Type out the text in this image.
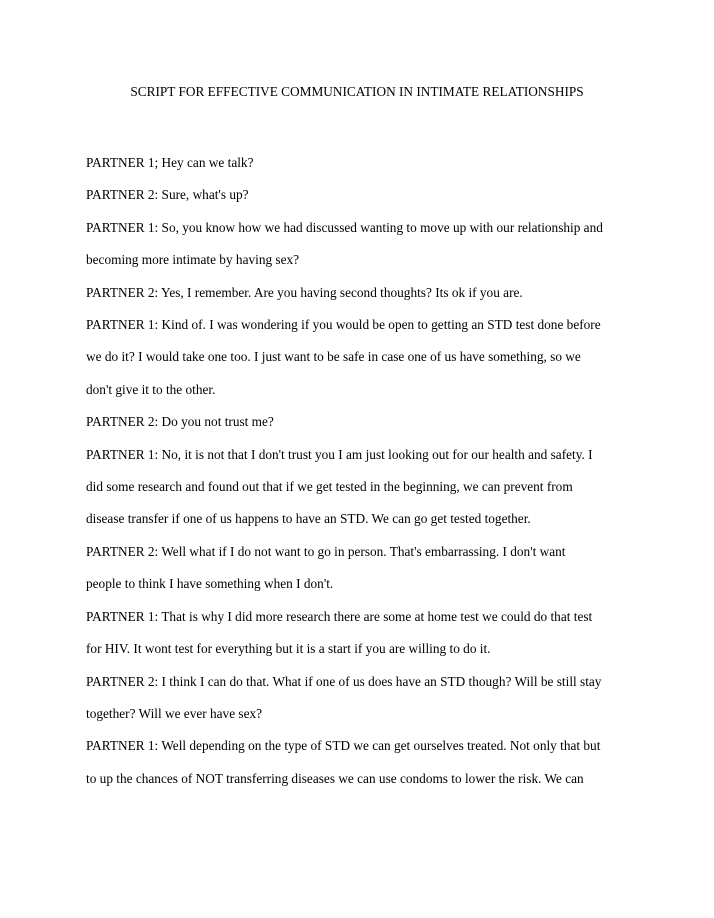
SCRIPT FOR EFFECTIVE COMMUNICATION IN INTIMATE RELATIONSHIPS

PARTNER 1; Hey can we talk?

PARTNER 2: Sure, what's up?

PARTNER 1: So, you know how we had discussed wanting to move up with our relationship and
becoming more intimate by having sex?

PARTNER 2: Yes, I remember. Are you having second thoughts? Its ok if you are.

PARTNER 1: Kind of. I was wondering if you would be open to getting an STD test done before
we do it? I would take one too. I just want to be safe in case one of us have something, so we
don't give it to the other.

PARTNER 2: Do you not trust me?

PARTNER 1: No, it is not that I don't trust you I am just looking out for our health and safety. I
did some research and found out that if we get tested in the beginning, we can prevent from
disease transfer if one of us happens to have an STD. We can go get tested together.

PARTNER 2: Well what if I do not want to go in person. That's embarrassing. I don't want
people to think I have something when I don't.

PARTNER 1: That is why I did more research there are some at home test we could do that test
for HIV. It wont test for everything but it is a start if you are willing to do it.

PARTNER 2: I think I can do that. What if one of us does have an STD though? Will be still stay
together? Will we ever have sex?

PARTNER 1: Well depending on the type of STD we can get ourselves treated. Not only that but
to up the chances of NOT transferring diseases we can use condoms to lower the risk. We can
